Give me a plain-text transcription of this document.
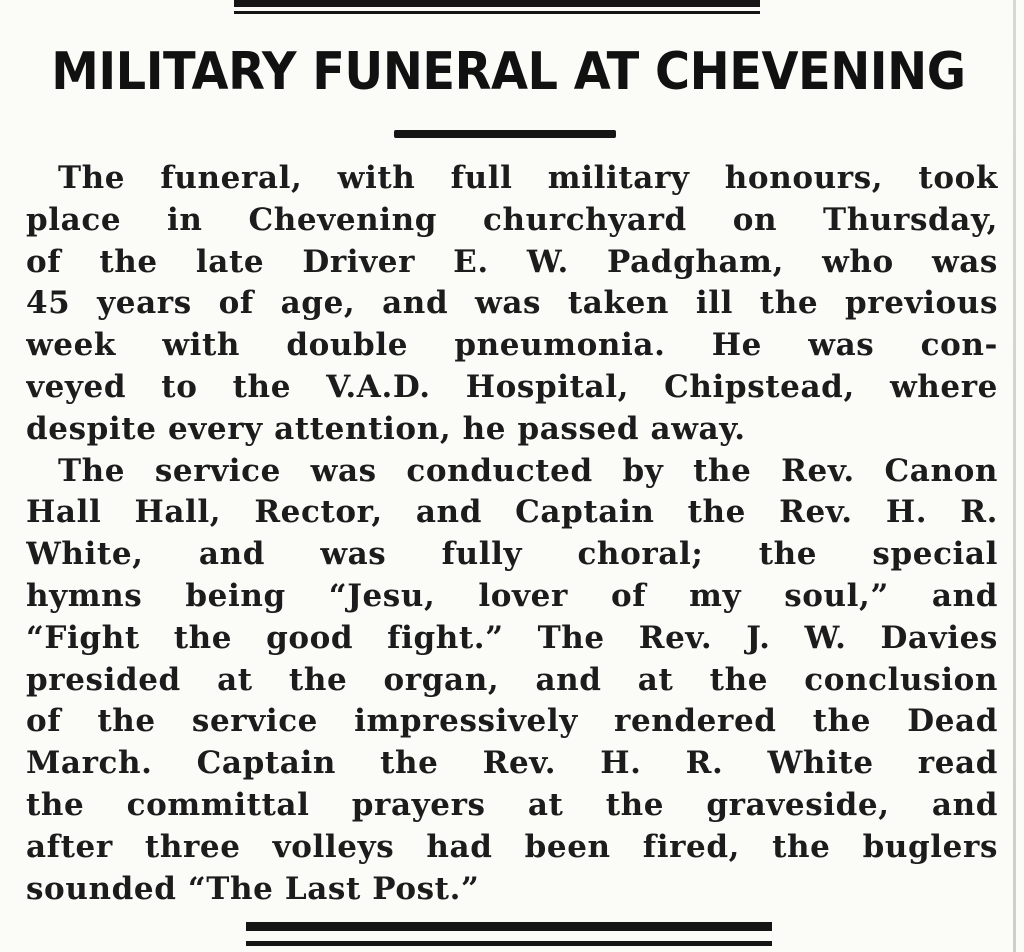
MILITARY FUNERAL AT CHEVENING
The funeral, with full military honours, took
place in Chevening churchyard on Thursday,
of the late Driver E. W. Padgham, who was
45 years of age, and was taken ill the previous
week with double pneumonia. He was con-
veyed to the V.A.D. Hospital, Chipstead, where
despite every attention, he passed away.
The service was conducted by the Rev. Canon
Hall Hall, Rector, and Captain the Rev. H. R.
White, and was fully choral; the special
hymns being “Jesu, lover of my soul,” and
“Fight the good fight.” The Rev. J. W. Davies
presided at the organ, and at the conclusion
of the service impressively rendered the Dead
March. Captain the Rev. H. R. White read
the committal prayers at the graveside, and
after three volleys had been fired, the buglers
sounded “The Last Post.”
